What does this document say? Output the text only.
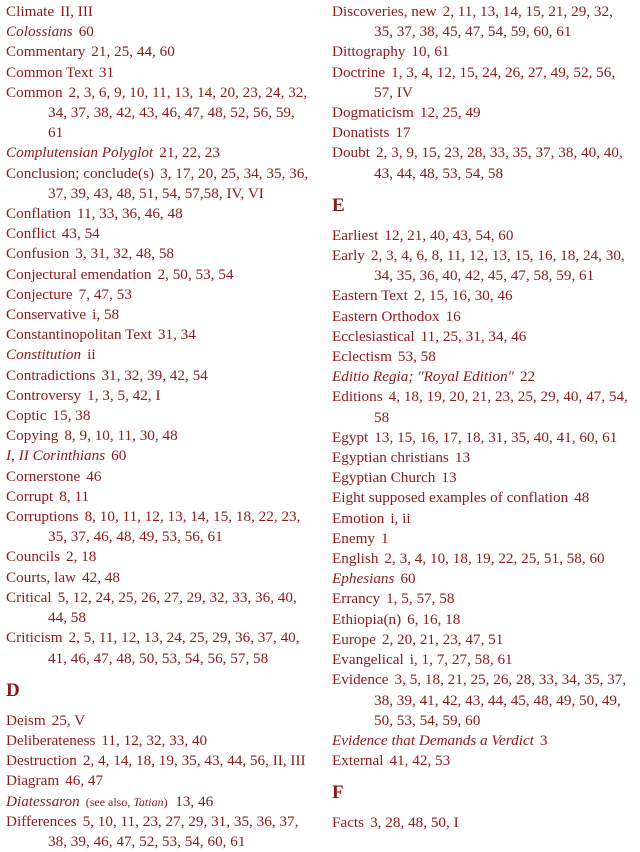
Climate II, III
Colossians 60
Commentary 21, 25, 44, 60
Common Text 31
Common 2, 3, 6, 9, 10, 11, 13, 14, 20, 23, 24, 32, 34, 37, 38, 42, 43, 46, 47, 48, 52, 56, 59, 61
Complutensian Polyglot 21, 22, 23
Conclusion; conclude(s) 3, 17, 20, 25, 34, 35, 36, 37, 39, 43, 48, 51, 54, 57,58, IV, VI
Conflation 11, 33, 36, 46, 48
Conflict 43, 54
Confusion 3, 31, 32, 48, 58
Conjectural emendation 2, 50, 53, 54
Conjecture 7, 47, 53
Conservative i, 58
Constantinopolitan Text 31, 34
Constitution ii
Contradictions 31, 32, 39, 42, 54
Controversy 1, 3, 5, 42, I
Coptic 15, 38
Copying 8, 9, 10, 11, 30, 48
I, II Corinthians 60
Cornerstone 46
Corrupt 8, 11
Corruptions 8, 10, 11, 12, 13, 14, 15, 18, 22, 23, 35, 37, 46, 48, 49, 53, 56, 61
Councils 2, 18
Courts, law 42, 48
Critical 5, 12, 24, 25, 26, 27, 29, 32, 33, 36, 40, 44, 58
Criticism 2, 5, 11, 12, 13, 24, 25, 29, 36, 37, 40, 41, 46, 47, 48, 50, 53, 54, 56, 57, 58
D
Deism 25, V
Deliberateness 11, 12, 32, 33, 40
Destruction 2, 4, 14, 18, 19, 35, 43, 44, 56, II, III
Diagram 46, 47
Diatessaron (see also, Tatian) 13, 46
Differences 5, 10, 11, 23, 27, 29, 31, 35, 36, 37, 38, 39, 46, 47, 52, 53, 54, 60, 61
Discoveries, new 2, 11, 13, 14, 15, 21, 29, 32, 35, 37, 38, 45, 47, 54, 59, 60, 61
Dittography 10, 61
Doctrine 1, 3, 4, 12, 15, 24, 26, 27, 49, 52, 56, 57, IV
Dogmaticism 12, 25, 49
Donatists 17
Doubt 2, 3, 9, 15, 23, 28, 33, 35, 37, 38, 40, 40, 43, 44, 48, 53, 54, 58
E
Earliest 12, 21, 40, 43, 54, 60
Early 2, 3, 4, 6, 8, 11, 12, 13, 15, 16, 18, 24, 30, 34, 35, 36, 40, 42, 45, 47, 58, 59, 61
Eastern Text 2, 15, 16, 30, 46
Eastern Orthodox 16
Ecclesiastical 11, 25, 31, 34, 46
Eclectism 53, 58
Editio Regia; "Royal Edition" 22
Editions 4, 18, 19, 20, 21, 23, 25, 29, 40, 47, 54, 58
Egypt 13, 15, 16, 17, 18, 31, 35, 40, 41, 60, 61
Egyptian christians 13
Egyptian Church 13
Eight supposed examples of conflation 48
Emotion i, ii
Enemy 1
English 2, 3, 4, 10, 18, 19, 22, 25, 51, 58, 60
Ephesians 60
Errancy 1, 5, 57, 58
Ethiopia(n) 6, 16, 18
Europe 2, 20, 21, 23, 47, 51
Evangelical i, 1, 7, 27, 58, 61
Evidence 3, 5, 18, 21, 25, 26, 28, 33, 34, 35, 37, 38, 39, 41, 42, 43, 44, 45, 48, 49, 50, 49, 50, 53, 54, 59, 60
Evidence that Demands a Verdict 3
External 41, 42, 53
F
Facts 3, 28, 48, 50, I
